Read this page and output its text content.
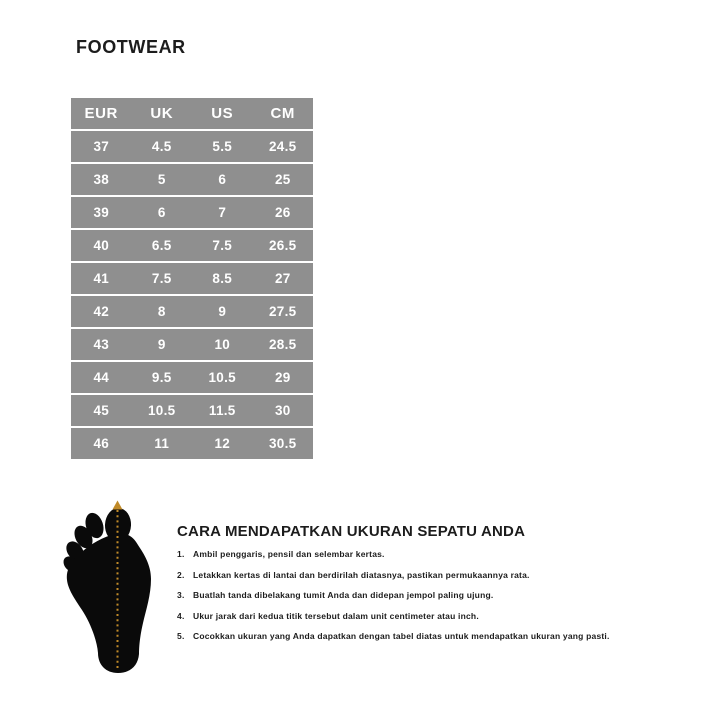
FOOTWEAR
EUR	UK	US	CM
37	4.5	5.5	24.5
38	5	6	25
39	6	7	26
40	6.5	7.5	26.5
41	7.5	8.5	27
42	8	9	27.5
43	9	10	28.5
44	9.5	10.5	29
45	10.5	11.5	30
46	11	12	30.5
CARA MENDAPATKAN UKURAN SEPATU ANDA
Ambil penggaris, pensil dan selembar kertas.
Letakkan kertas di lantai dan berdirilah diatasnya, pastikan permukaannya rata.
Buatlah tanda dibelakang tumit Anda dan didepan jempol paling ujung.
Ukur jarak dari kedua titik tersebut dalam unit centimeter atau inch.
Cocokkan ukuran yang Anda dapatkan dengan tabel diatas untuk mendapatkan ukuran yang pasti.
